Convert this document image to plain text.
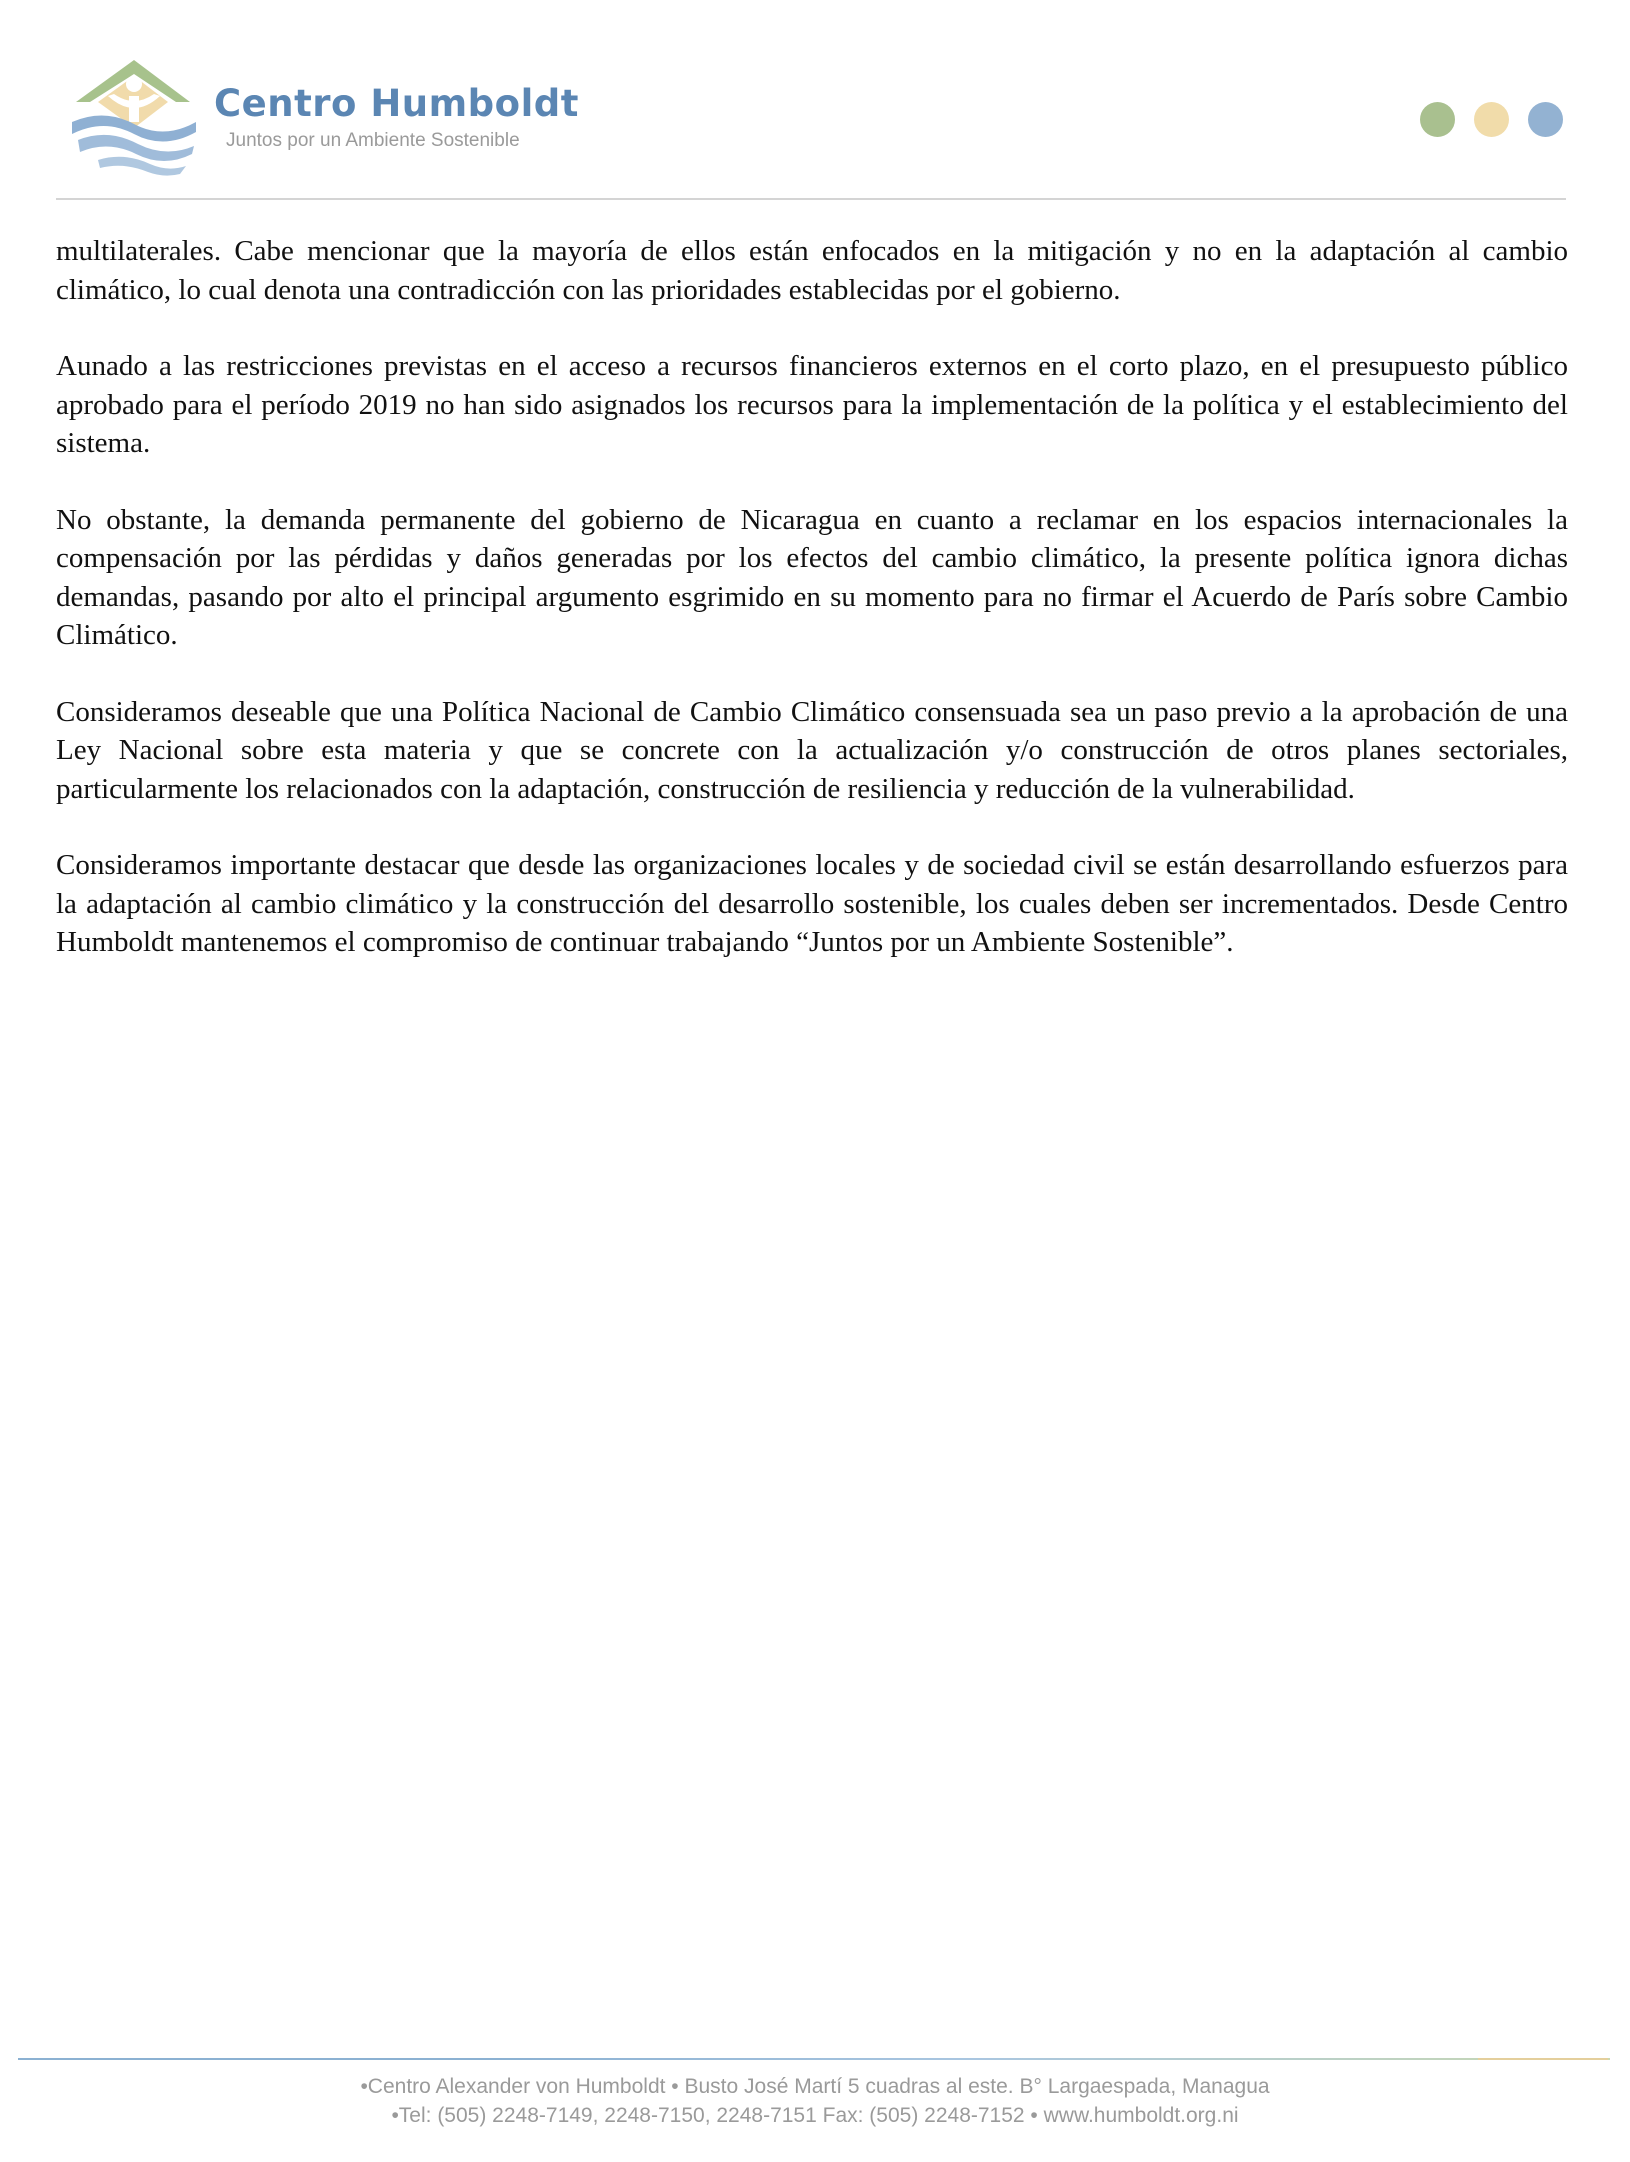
Centro Humboldt
Juntos por un Ambiente Sostenible

multilaterales. Cabe mencionar que la mayoría de ellos están enfocados en la mitigación y no en la adaptación al cambio climático, lo cual denota una contradicción con las prioridades establecidas por el gobierno.

Aunado a las restricciones previstas en el acceso a recursos financieros externos en el corto plazo, en el presupuesto público aprobado para el período 2019 no han sido asignados los recursos para la implementación de la política y el establecimiento del sistema.

No obstante, la demanda permanente del gobierno de Nicaragua en cuanto a reclamar en los espacios internacionales la compensación por las pérdidas y daños generadas por los efectos del cambio climático, la presente política ignora dichas demandas, pasando por alto el principal argumento esgrimido en su momento para no firmar el Acuerdo de París sobre Cambio Climático.

Consideramos deseable que una Política Nacional de Cambio Climático consensuada sea un paso previo a la aprobación de una Ley Nacional sobre esta materia y que se concrete con la actualización y/o construcción de otros planes sectoriales, particularmente los relacionados con la adaptación, construcción de resiliencia y reducción de la vulnerabilidad.

Consideramos importante destacar que desde las organizaciones locales y de sociedad civil se están desarrollando esfuerzos para la adaptación al cambio climático y la construcción del desarrollo sostenible, los cuales deben ser incrementados. Desde Centro Humboldt mantenemos el compromiso de continuar trabajando “Juntos por un Ambiente Sostenible”.

•Centro Alexander von Humboldt • Busto José Martí 5 cuadras al este. B° Largaespada, Managua
•Tel: (505) 2248-7149, 2248-7150, 2248-7151 Fax: (505) 2248-7152 • www.humboldt.org.ni
